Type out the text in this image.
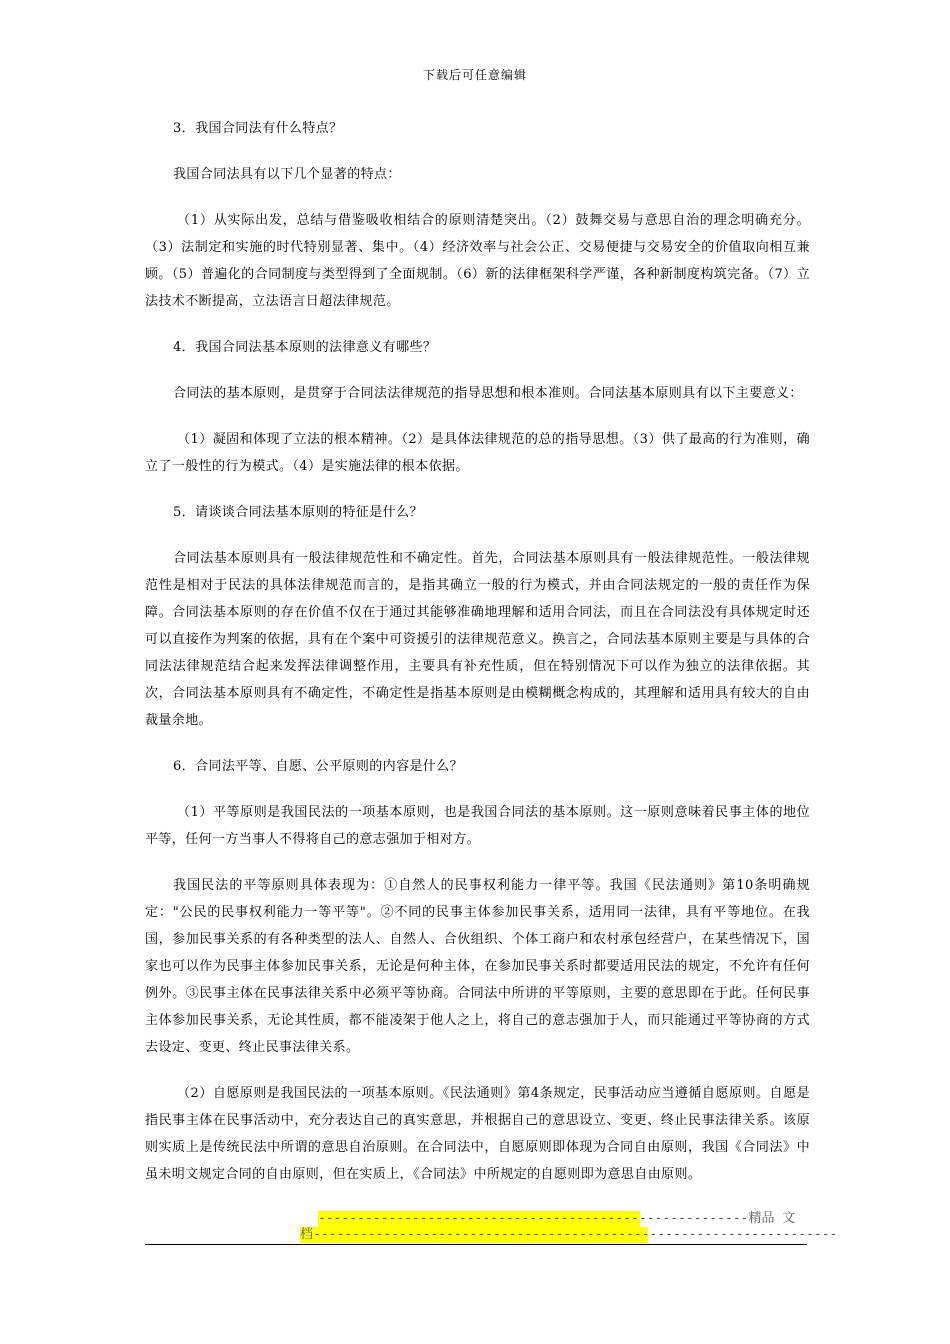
下载后可任意编辑

3．我国合同法有什么特点？

我国合同法具有以下几个显著的特点：

（1）从实际出发，总结与借鉴吸收相结合的原则清楚突出。（2）鼓舞交易与意思自治的理念明确充分。（3）法制定和实施的时代特别显著、集中。（4）经济效率与社会公正、交易便捷与交易安全的价值取向相互兼顾。（5）普遍化的合同制度与类型得到了全面规制。（6）新的法律框架科学严谨，各种新制度构筑完备。（7）立法技术不断提高，立法语言日超法律规范。

4．我国合同法基本原则的法律意义有哪些？

合同法的基本原则，是贯穿于合同法法律规范的指导思想和根本准则。合同法基本原则具有以下主要意义：

（1）凝固和体现了立法的根本精神。（2）是具体法律规范的总的指导思想。（3）供了最高的行为准则，确立了一般性的行为模式。（4）是实施法律的根本依据。

5．请谈谈合同法基本原则的特征是什么？

合同法基本原则具有一般法律规范性和不确定性。首先，合同法基本原则具有一般法律规范性。一般法律规范性是相对于民法的具体法律规范而言的，是指其确立一般的行为模式，并由合同法规定的一般的责任作为保障。合同法基本原则的存在价值不仅在于通过其能够准确地理解和适用合同法，而且在合同法没有具体规定时还可以直接作为判案的依据，具有在个案中可资援引的法律规范意义。换言之，合同法基本原则主要是与具体的合同法法律规范结合起来发挥法律调整作用，主要具有补充性质，但在特别情况下可以作为独立的法律依据。其次，合同法基本原则具有不确定性，不确定性是指基本原则是由模糊概念构成的，其理解和适用具有较大的自由裁量余地。

6．合同法平等、自愿、公平原则的内容是什么？

（1）平等原则是我国民法的一项基本原则，也是我国合同法的基本原则。这一原则意味着民事主体的地位平等，任何一方当事人不得将自己的意志强加于相对方。

我国民法的平等原则具体表现为：①自然人的民事权利能力一律平等。我国《民法通则》第10条明确规定："公民的民事权利能力一等平等"。②不同的民事主体参加民事关系，适用同一法律，具有平等地位。在我国，参加民事关系的有各种类型的法人、自然人、合伙组织、个体工商户和农村承包经营户，在某些情况下，国家也可以作为民事主体参加民事关系，无论是何种主体，在参加民事关系时都要适用民法的规定，不允许有任何例外。③民事主体在民事法律关系中必须平等协商。合同法中所讲的平等原则，主要的意思即在于此。任何民事主体参加民事关系，无论其性质，都不能凌架于他人之上，将自己的意志强加于人，而只能通过平等协商的方式去设定、变更、终止民事法律关系。

（2）自愿原则是我国民法的一项基本原则。《民法通则》第4条规定，民事活动应当遵循自愿原则。自愿是指民事主体在民事活动中，充分表达自己的真实意思，并根据自己的意思设立、变更、终止民事法律关系。该原则实质上是传统民法中所谓的意思自治原则。在合同法中，自愿原则即体现为合同自由原则，我国《合同法》中虽未明文规定合同的自由原则，但在实质上，《合同法》中所规定的自愿则即为意思自由原则。

-------------------------------------------------------精品 文
档-------------------------------------------------------------------
